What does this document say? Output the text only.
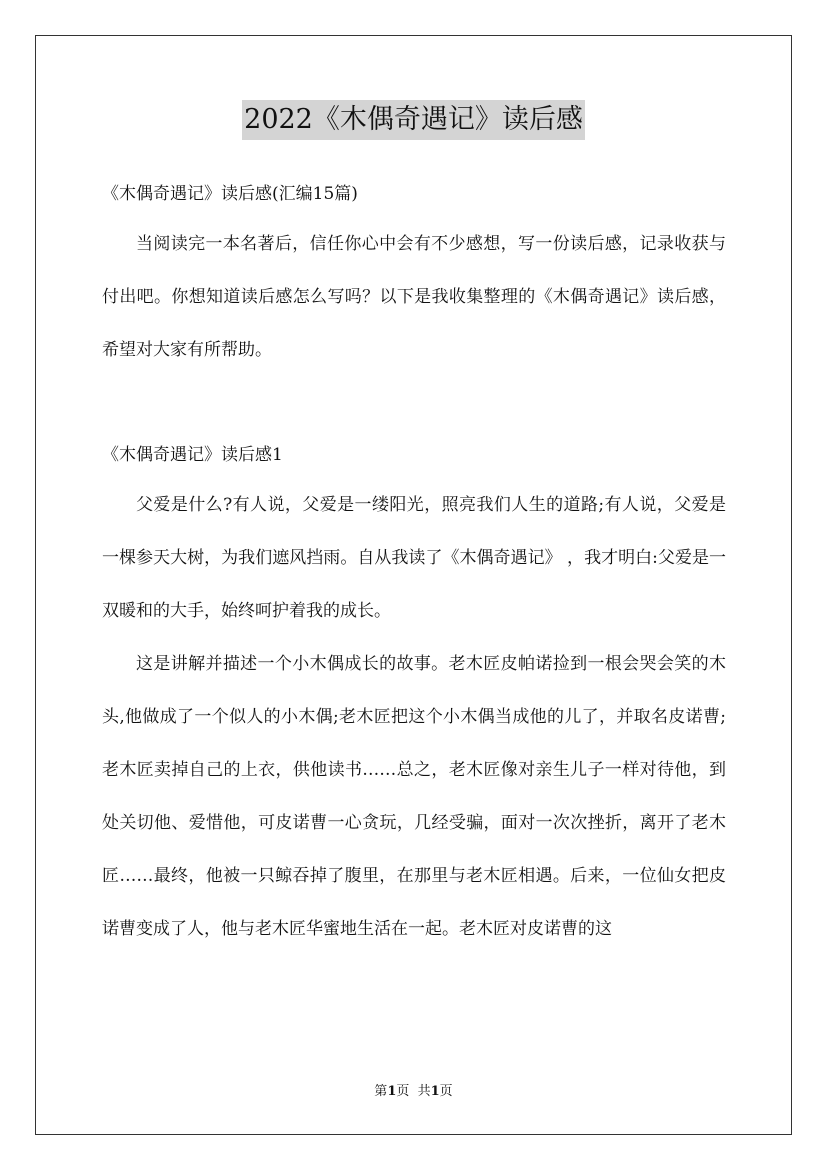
2022《木偶奇遇记》读后感

《木偶奇遇记》读后感(汇编15篇)

当阅读完一本名著后，信任你心中会有不少感想，写一份读后感，记录收获与付出吧。你想知道读后感怎么写吗？以下是我收集整理的《木偶奇遇记》读后感，希望对大家有所帮助。

《木偶奇遇记》读后感1

父爱是什么?有人说，父爱是一缕阳光，照亮我们人生的道路;有人说，父爱是一棵参天大树，为我们遮风挡雨。自从我读了《木偶奇遇记》 ，我才明白:父爱是一双暖和的大手，始终呵护着我的成长。

这是讲解并描述一个小木偶成长的故事。老木匠皮帕诺捡到一根会哭会笑的木头,他做成了一个似人的小木偶;老木匠把这个小木偶当成他的儿了，并取名皮诺曹;老木匠卖掉自己的上衣，供他读书……总之，老木匠像对亲生儿子一样对待他，到处关切他、爱惜他，可皮诺曹一心贪玩，几经受骗，面对一次次挫折，离开了老木匠……最终，他被一只鲸吞掉了腹里，在那里与老木匠相遇。后来，一位仙女把皮诺曹变成了人，他与老木匠华蜜地生活在一起。老木匠对皮诺曹的这

第1页  共1页
